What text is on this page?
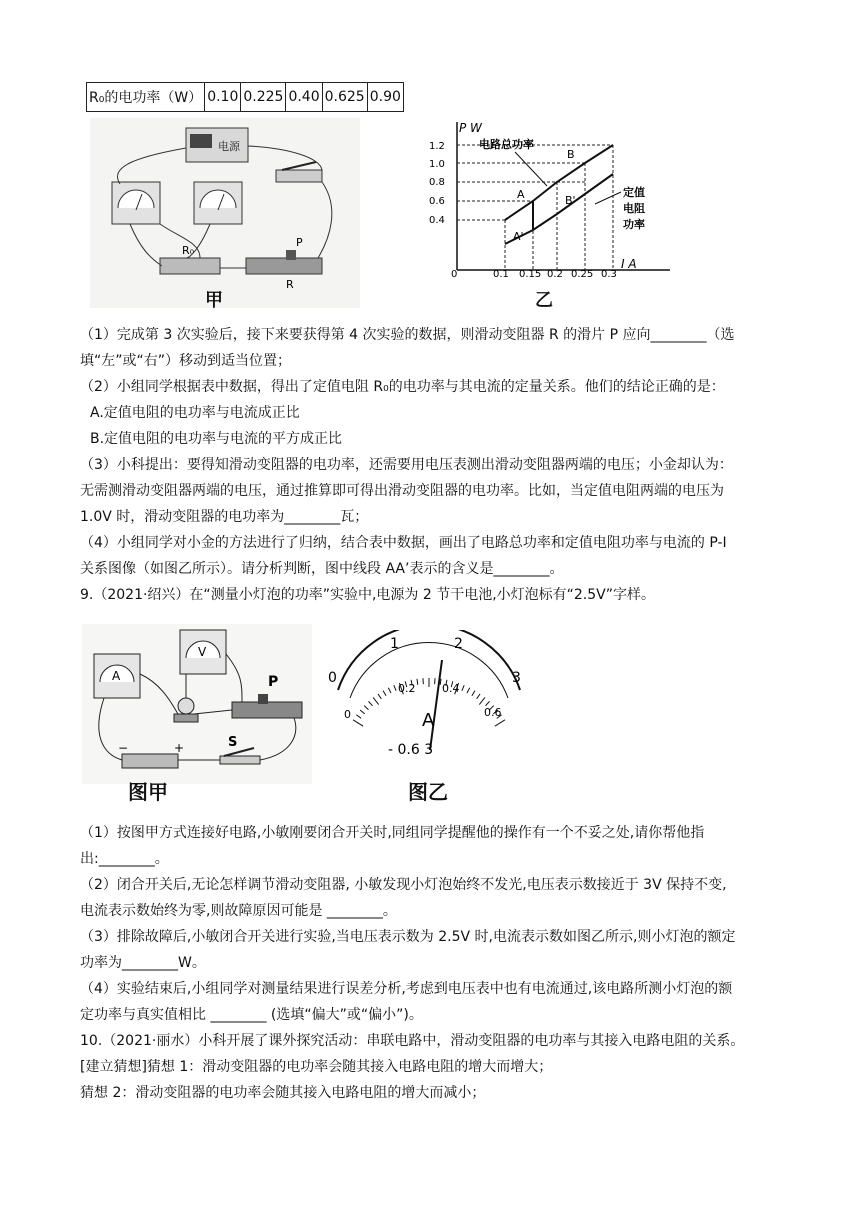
R₀的电功率（W）	0.10	0.225	0.40	0.625	0.90
电源
R₀
P
R
甲
P W
I A
0
1.2
1.0
0.8
0.6
0.4
0.1 0.15 0.2 0.25 0.3
A
B
A'
B'
电路总功率
定值
电阻
功率
乙

（1）完成第 3 次实验后，接下来要获得第 4 次实验的数据，则滑动变阻器 R 的滑片 P 应向________（选

填“左”或“右”）移动到适当位置；

（2）小组同学根据表中数据，得出了定值电阻 R₀的电功率与其电流的定量关系。他们的结论正确的是：

A.定值电阻的电功率与电流成正比

B.定值电阻的电功率与电流的平方成正比

（3）小科提出：要得知滑动变阻器的电功率，还需要用电压表测出滑动变阻器两端的电压；小金却认为：

无需测滑动变阻器两端的电压，通过推算即可得出滑动变阻器的电功率。比如，当定值电阻两端的电压为

1.0V 时，滑动变阻器的电功率为________瓦；

（4）小组同学对小金的方法进行了归纳，结合表中数据，画出了电路总功率和定值电阻功率与电流的 P-I

关系图像（如图乙所示）。请分析判断，图中线段 AA’表示的含义是________。

9.（2021·绍兴）在“测量小灯泡的功率”实验中,电源为 2 节干电池,小灯泡标有“2.5V”字样。

A
V
P
S
−	+
图甲
0
1	2
3
0
0.2 0.4
0.6
A
- 0.6 3
图乙

（1）按图甲方式连接好电路,小敏刚要闭合开关时,同组同学提醒他的操作有一个不妥之处,请你帮他指

出:________。

（2）闭合开关后,无论怎样调节滑动变阻器, 小敏发现小灯泡始终不发光,电压表示数接近于 3V 保持不变,

电流表示数始终为零,则故障原因可能是 ________。

（3）排除故障后,小敏闭合开关进行实验,当电压表示数为 2.5V 时,电流表示数如图乙所示,则小灯泡的额定

功率为________W。

（4）实验结束后,小组同学对测量结果进行误差分析,考虑到电压表中也有电流通过,该电路所测小灯泡的额

定功率与真实值相比 ________ (选填“偏大”或“偏小”)。

10.（2021·丽水）小科开展了课外探究活动：串联电路中，滑动变阻器的电功率与其接入电路电阻的关系。

[建立猜想]猜想 1：滑动变阻器的电功率会随其接入电路电阻的增大而增大；

猜想 2：滑动变阻器的电功率会随其接入电路电阻的增大而减小；
